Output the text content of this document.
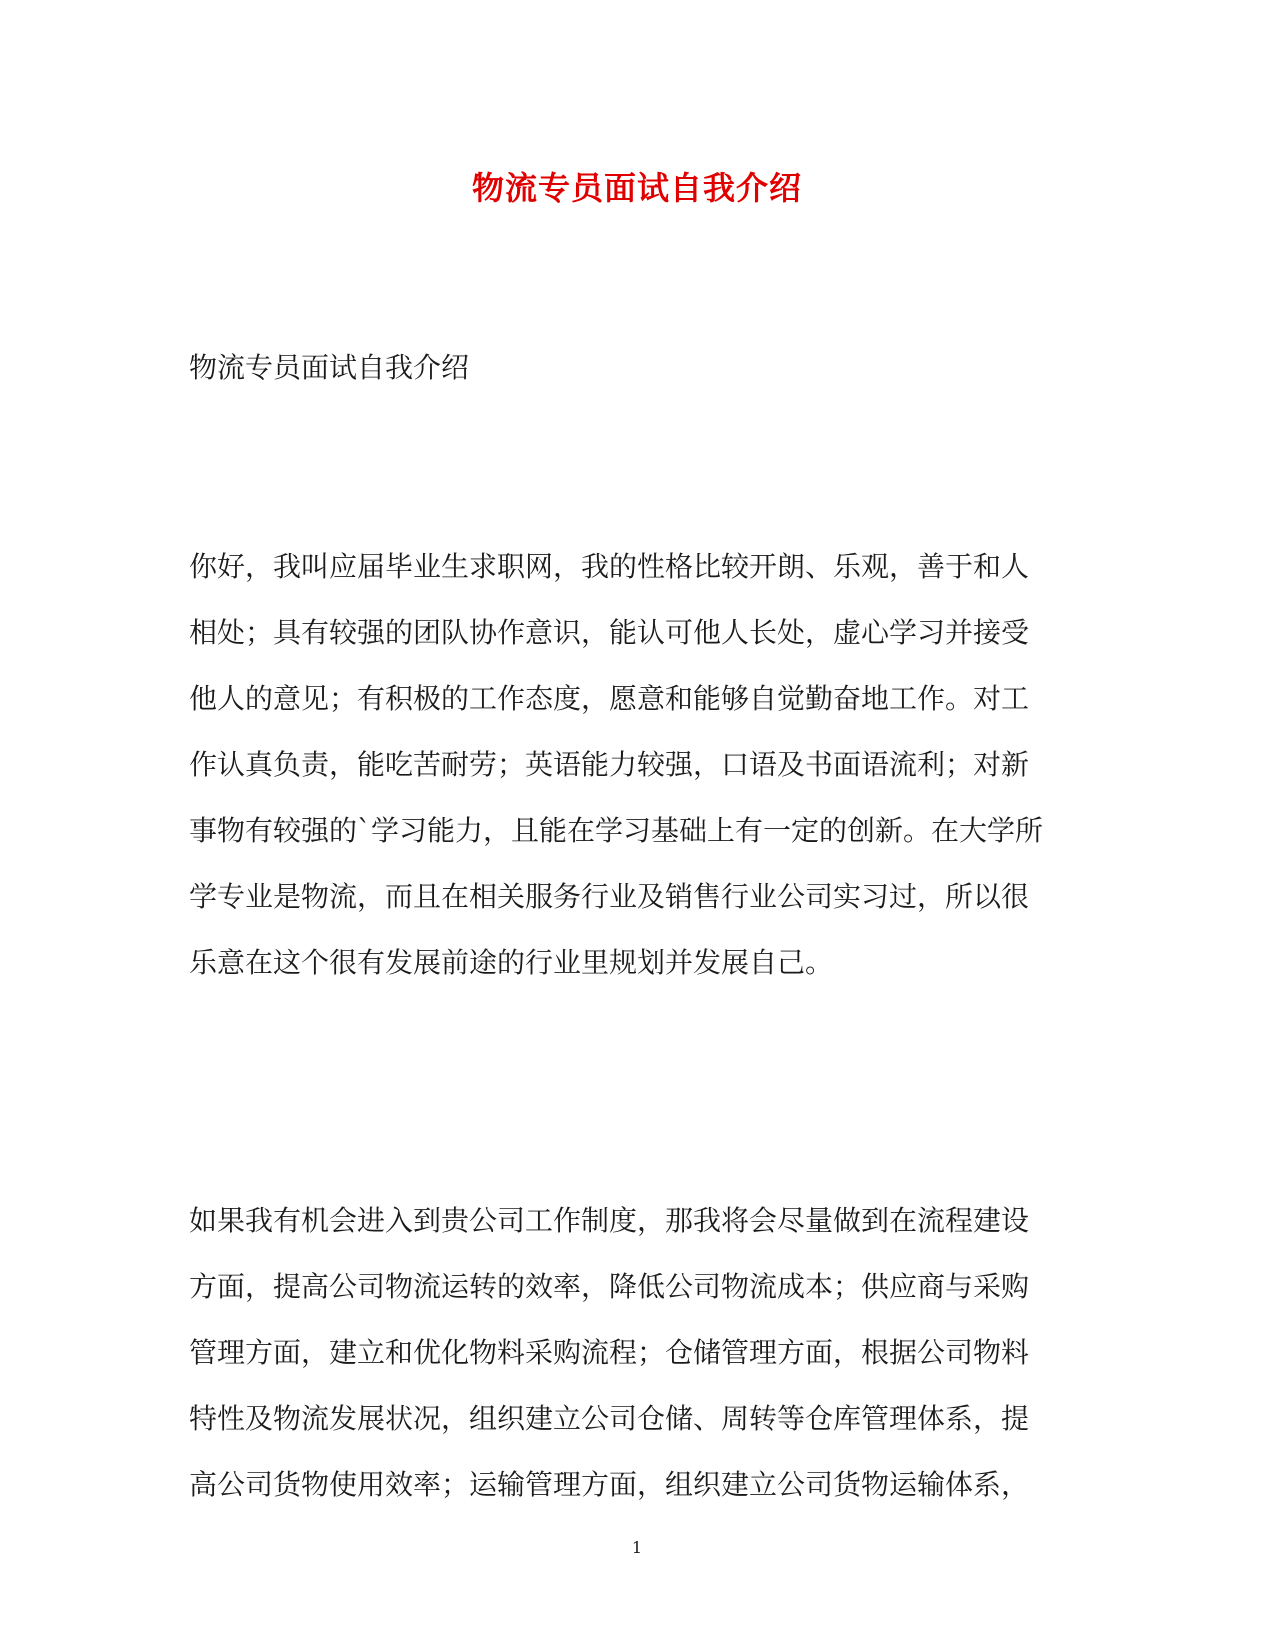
物流专员面试自我介绍
物流专员面试自我介绍
你好，我叫应届毕业生求职网，我的性格比较开朗、乐观，善于和人
相处；具有较强的团队协作意识，能认可他人长处，虚心学习并接受
他人的意见；有积极的工作态度，愿意和能够自觉勤奋地工作。对工
作认真负责，能吃苦耐劳；英语能力较强，口语及书面语流利；对新
事物有较强的`学习能力，且能在学习基础上有一定的创新。在大学所
学专业是物流，而且在相关服务行业及销售行业公司实习过，所以很
乐意在这个很有发展前途的行业里规划并发展自己。
如果我有机会进入到贵公司工作制度，那我将会尽量做到在流程建设
方面，提高公司物流运转的效率，降低公司物流成本；供应商与采购
管理方面，建立和优化物料采购流程；仓储管理方面，根据公司物料
特性及物流发展状况，组织建立公司仓储、周转等仓库管理体系，提
高公司货物使用效率；运输管理方面，组织建立公司货物运输体系，
1
